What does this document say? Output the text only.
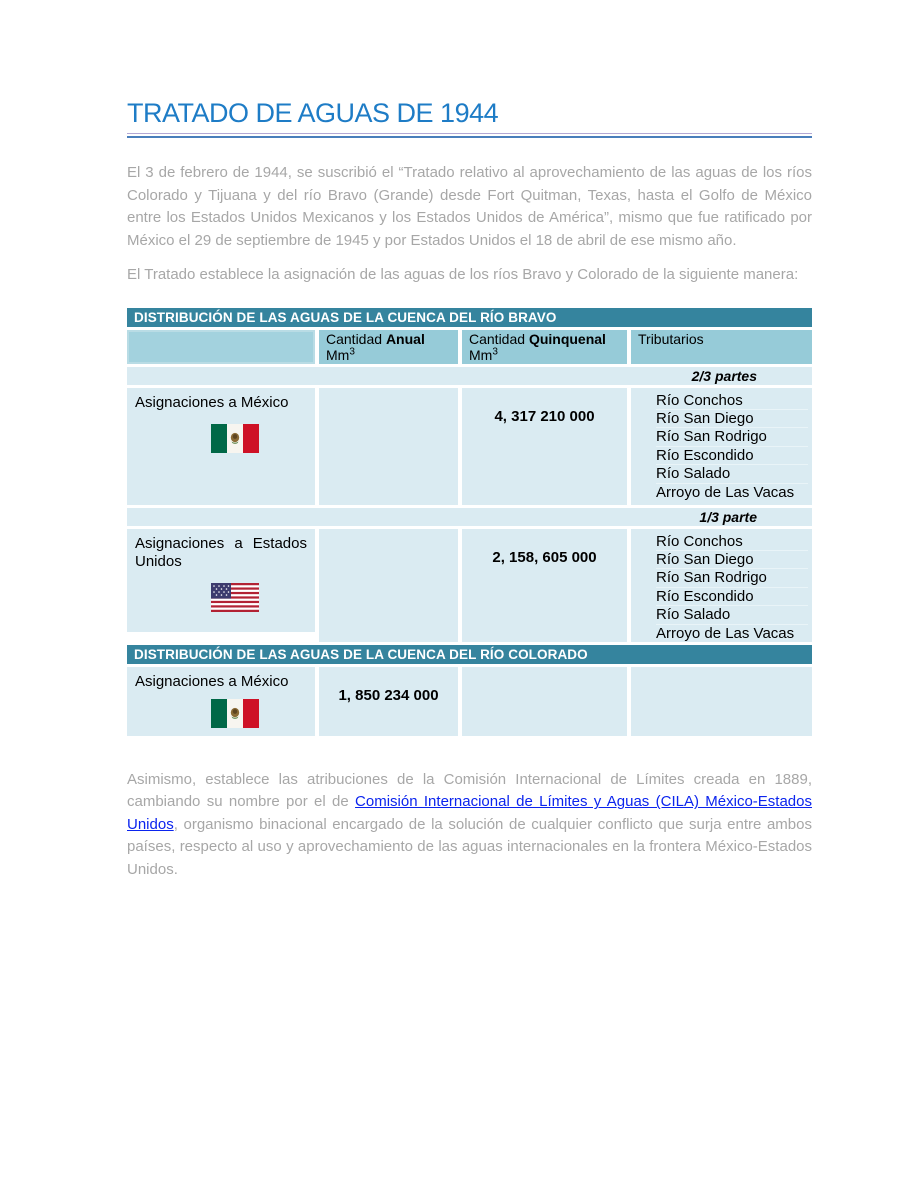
TRATADO DE AGUAS DE 1944

El 3 de febrero de 1944, se suscribió el “Tratado relativo al aprovechamiento de las aguas de los ríos Colorado y Tijuana y del río Bravo (Grande) desde Fort Quitman, Texas, hasta el Golfo de México entre los Estados Unidos Mexicanos y los Estados Unidos de América”, mismo que fue ratificado por México el 29 de septiembre de 1945 y por Estados Unidos el 18 de abril de ese mismo año.

El Tratado establece la asignación de las aguas de los ríos Bravo y Colorado de la siguiente manera:

DISTRIBUCIÓN DE LAS AGUAS DE LA CUENCA DEL RÍO BRAVO
Cantidad Anual
Mm$^3$
Cantidad Quinquenal
Mm$^3$
Tributarios
2/3 partes
Asignaciones a México
4, 317 210 000
Río Conchos
Río San Diego
Río San Rodrigo
Río Escondido
Río Salado
Arroyo de Las Vacas
1/3 parte
Asignaciones a Estados Unidos	2, 158, 605 000
Río Conchos
Río San Diego
Río San Rodrigo
Río Escondido
Río Salado
Arroyo de Las Vacas
DISTRIBUCIÓN DE LAS AGUAS DE LA CUENCA DEL RÍO COLORADO
Asignaciones a México
1, 850 234 000

Asimismo, establece las atribuciones de la Comisión Internacional de Límites creada en 1889, cambiando su nombre por el de Comisión Internacional de Límites y Aguas (CILA) México-Estados Unidos, organismo binacional encargado de la solución de cualquier conflicto que surja entre ambos países, respecto al uso y aprovechamiento de las aguas internacionales en la frontera México-Estados Unidos.
